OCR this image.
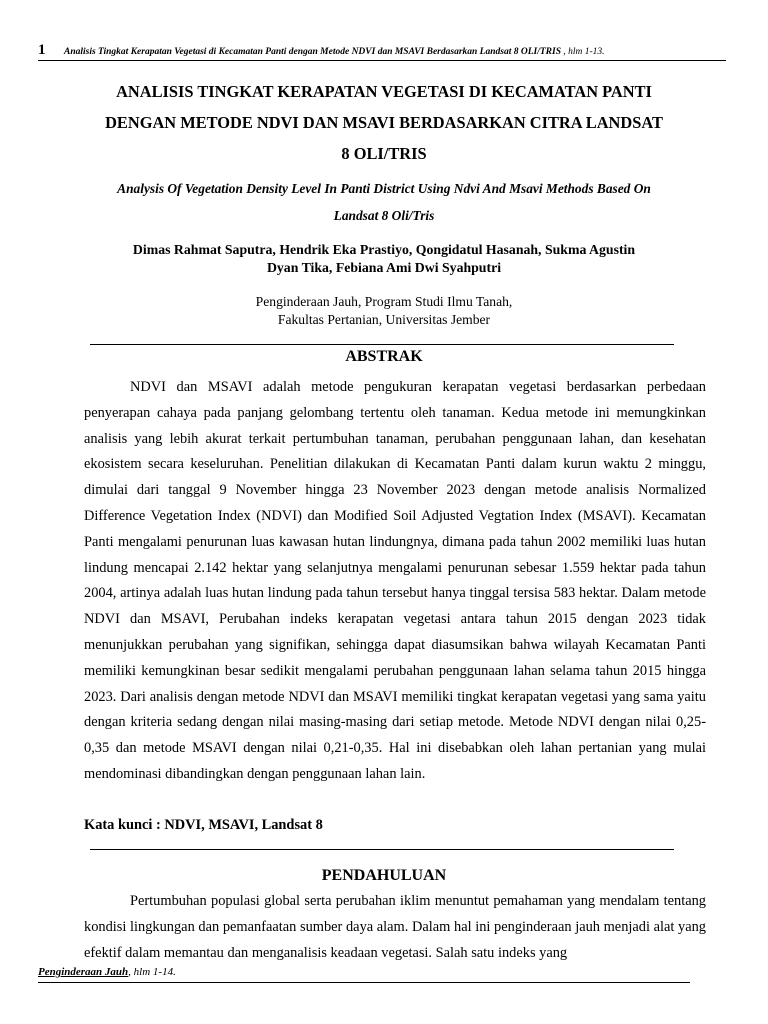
1 Analisis Tingkat Kerapatan Vegetasi di Kecamatan Panti dengan Metode NDVI dan MSAVI Berdasarkan Landsat 8 OLI/TRIS , hlm 1-13.
ANALISIS TINGKAT KERAPATAN VEGETASI DI KECAMATAN PANTI
DENGAN METODE NDVI DAN MSAVI BERDASARKAN CITRA LANDSAT
8 OLI/TRIS
Analysis Of Vegetation Density Level In Panti District Using Ndvi And Msavi Methods Based On
Landsat 8 Oli/Tris
Dimas Rahmat Saputra, Hendrik Eka Prastiyo, Qongidatul Hasanah, Sukma Agustin
Dyan Tika, Febiana Ami Dwi Syahputri
Penginderaan Jauh, Program Studi Ilmu Tanah,
Fakultas Pertanian, Universitas Jember
ABSTRAK
NDVI dan MSAVI adalah metode pengukuran kerapatan vegetasi berdasarkan perbedaan penyerapan cahaya pada panjang gelombang tertentu oleh tanaman. Kedua metode ini memungkinkan analisis yang lebih akurat terkait pertumbuhan tanaman, perubahan penggunaan lahan, dan kesehatan ekosistem secara keseluruhan. Penelitian dilakukan di Kecamatan Panti dalam kurun waktu 2 minggu, dimulai dari tanggal 9 November hingga 23 November 2023 dengan metode analisis Normalized Difference Vegetation Index (NDVI) dan Modified Soil Adjusted Vegtation Index (MSAVI). Kecamatan Panti mengalami penurunan luas kawasan hutan lindungnya, dimana pada tahun 2002 memiliki luas hutan lindung mencapai 2.142 hektar yang selanjutnya mengalami penurunan sebesar 1.559 hektar pada tahun 2004, artinya adalah luas hutan lindung pada tahun tersebut hanya tinggal tersisa 583 hektar. Dalam metode NDVI dan MSAVI, Perubahan indeks kerapatan vegetasi antara tahun 2015 dengan 2023 tidak menunjukkan perubahan yang signifikan, sehingga dapat diasumsikan bahwa wilayah Kecamatan Panti memiliki kemungkinan besar sedikit mengalami perubahan penggunaan lahan selama tahun 2015 hingga 2023. Dari analisis dengan metode NDVI dan MSAVI memiliki tingkat kerapatan vegetasi yang sama yaitu dengan kriteria sedang dengan nilai masing-masing dari setiap metode. Metode NDVI dengan nilai 0,25-0,35 dan metode MSAVI dengan nilai 0,21-0,35. Hal ini disebabkan oleh lahan pertanian yang mulai mendominasi dibandingkan dengan penggunaan lahan lain.
Kata kunci : NDVI, MSAVI, Landsat 8
PENDAHULUAN
Pertumbuhan populasi global serta perubahan iklim menuntut pemahaman yang mendalam tentang kondisi lingkungan dan pemanfaatan sumber daya alam. Dalam hal ini penginderaan jauh menjadi alat yang efektif dalam memantau dan menganalisis keadaan vegetasi. Salah satu indeks yang
Penginderaan Jauh, hlm 1-14.
